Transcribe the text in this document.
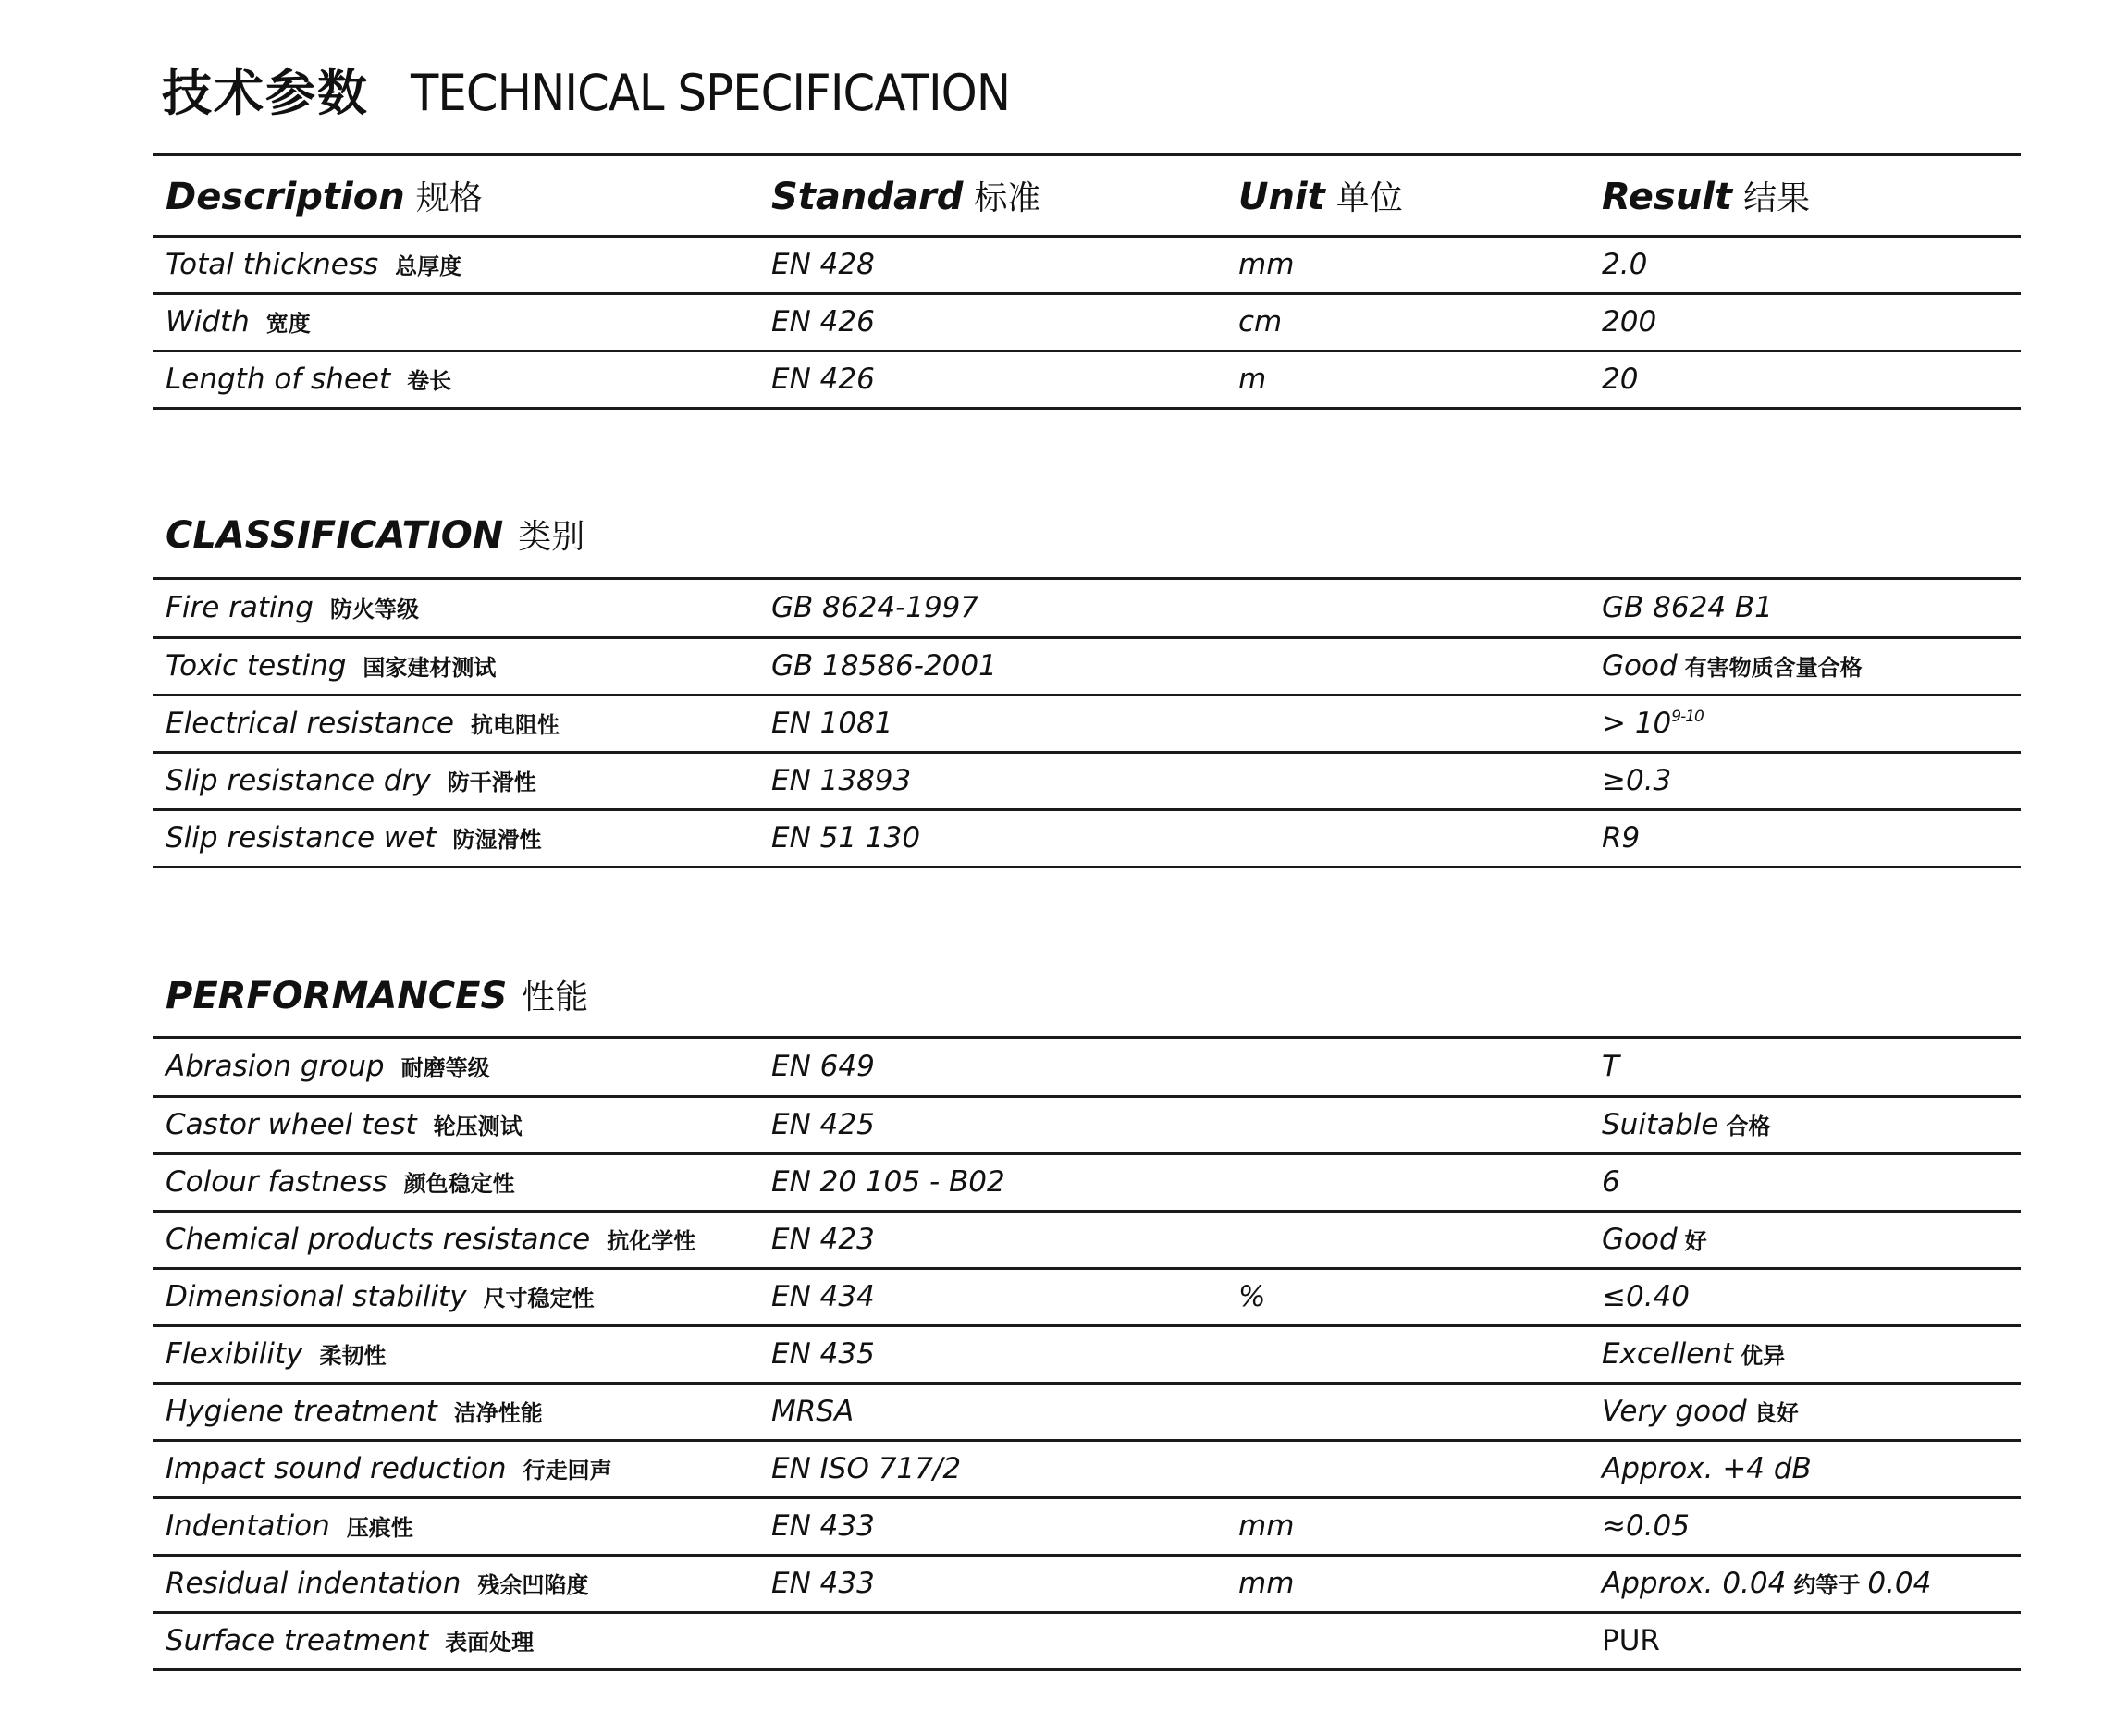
技术参数 TECHNICAL SPECIFICATION
Description 规格	Standard 标准	Unit 单位	Result 结果
Total thickness 总厚度	EN 428	mm	2.0
Width 宽度	EN 426	cm	200
Length of sheet 卷长	EN 426	m	20
CLASSIFICATION 类别
Fire rating 防火等级	GB 8624-1997		GB 8624 B1
Toxic testing 国家建材测试	GB 18586-2001		Good 有害物质含量合格
Electrical resistance 抗电阻性	EN 1081		> $10^{9-10}$
Slip resistance dry 防干滑性	EN 13893		≥0.3
Slip resistance wet 防湿滑性	EN 51 130		R9
PERFORMANCES 性能
Abrasion group 耐磨等级	EN 649		T
Castor wheel test 轮压测试	EN 425		Suitable 合格
Colour fastness 颜色稳定性	EN 20 105 - B02		6
Chemical products resistance 抗化学性	EN 423		Good 好
Dimensional stability 尺寸稳定性	EN 434	%	≤0.40
Flexibility 柔韧性	EN 435		Excellent 优异
Hygiene treatment 洁净性能	MRSA		Very good 良好
Impact sound reduction 行走回声	EN ISO 717/2		Approx. +4 dB
Indentation 压痕性	EN 433	mm	≈0.05
Residual indentation 残余凹陷度	EN 433	mm	Approx. 0.04 约等于 0.04
Surface treatment 表面处理			PUR
